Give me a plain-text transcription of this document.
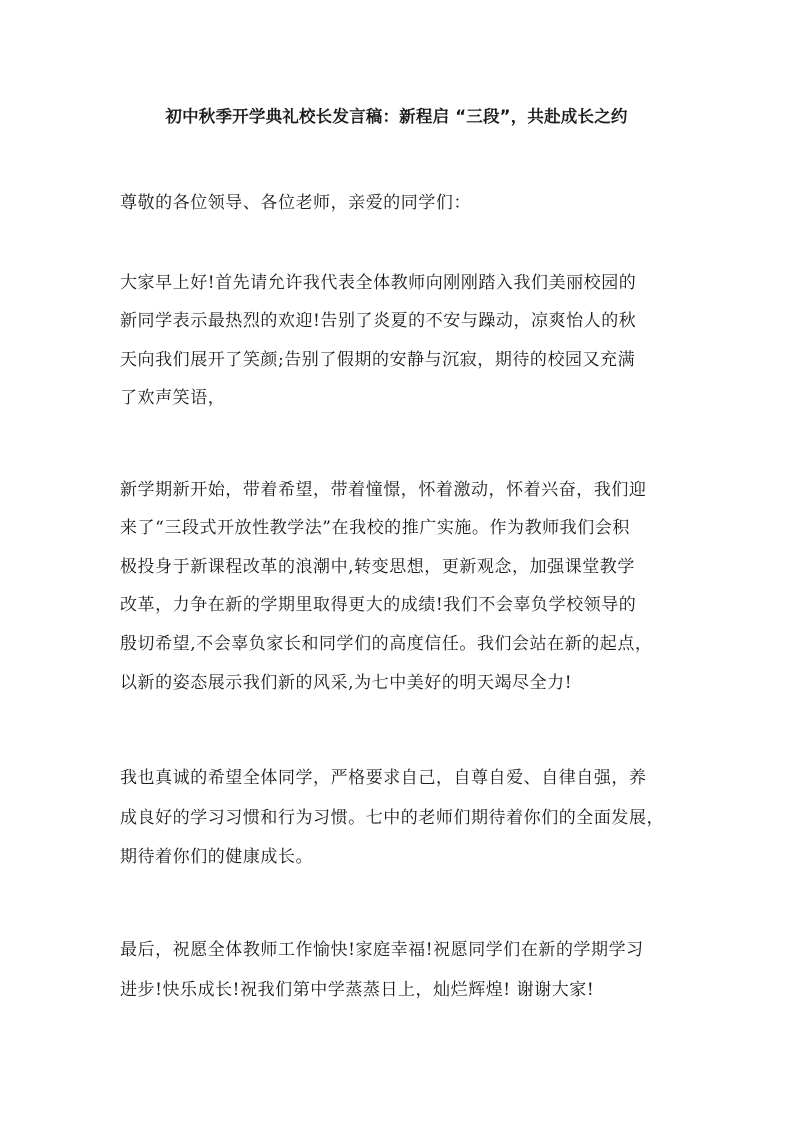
初中秋季开学典礼校长发言稿：新程启 “三段”，共赴成长之约
尊敬的各位领导、各位老师，亲爱的同学们：
大家早上好!首先请允许我代表全体教师向刚刚踏入我们美丽校园的
新同学表示最热烈的欢迎!告别了炎夏的不安与躁动，凉爽怡人的秋
天向我们展开了笑颜;告别了假期的安静与沉寂，期待的校园又充满
了欢声笑语，
新学期新开始，带着希望，带着憧憬，怀着激动，怀着兴奋，我们迎
来了“三段式开放性教学法”在我校的推广实施。作为教师我们会积
极投身于新课程改革的浪潮中,转变思想，更新观念，加强课堂教学
改革，力争在新的学期里取得更大的成绩!我们不会辜负学校领导的
殷切希望,不会辜负家长和同学们的高度信任。我们会站在新的起点，
以新的姿态展示我们新的风采,为七中美好的明天竭尽全力!
我也真诚的希望全体同学，严格要求自己，自尊自爱、自律自强，养
成良好的学习习惯和行为习惯。七中的老师们期待着你们的全面发展，
期待着你们的健康成长。
最后，祝愿全体教师工作愉快!家庭幸福!祝愿同学们在新的学期学习
进步!快乐成长!祝我们第中学蒸蒸日上，灿烂辉煌! 谢谢大家!
